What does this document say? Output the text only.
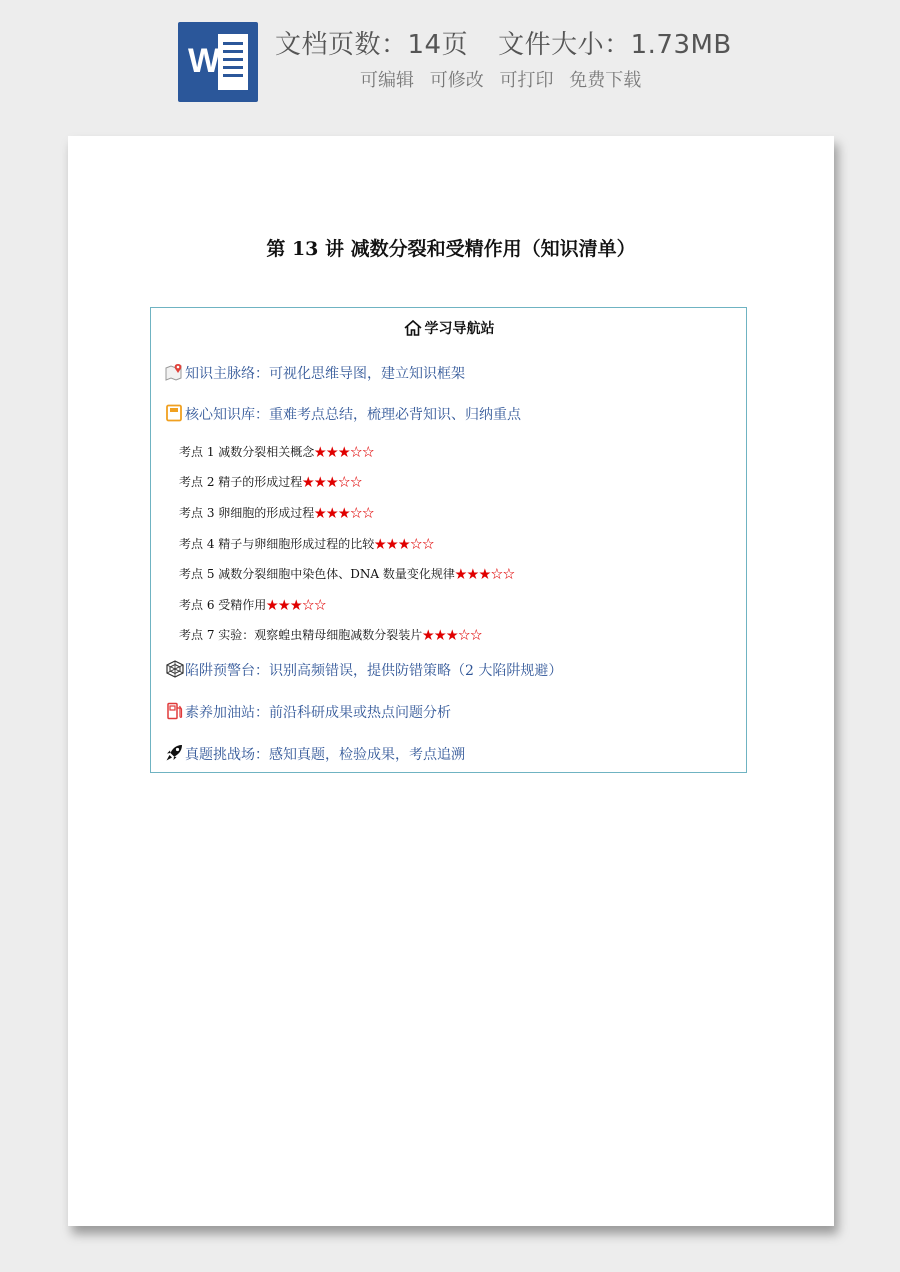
W 文档页数：14页 文件大小：1.73MB
可编辑 可修改 可打印 免费下载
第 13 讲 减数分裂和受精作用（知识清单）
学习导航站
知识主脉络：可视化思维导图，建立知识框架
核心知识库：重难考点总结，梳理必背知识、归纳重点
考点 1 减数分裂相关概念★★★☆☆
考点 2 精子的形成过程★★★☆☆
考点 3 卵细胞的形成过程★★★☆☆
考点 4 精子与卵细胞形成过程的比较★★★☆☆
考点 5 减数分裂细胞中染色体、DNA 数量变化规律★★★☆☆
考点 6 受精作用★★★☆☆
考点 7 实验：观察蝗虫精母细胞减数分裂装片★★★☆☆
陷阱预警台：识别高频错误，提供防错策略（2 大陷阱规避）
素养加油站：前沿科研成果或热点问题分析
真题挑战场：感知真题，检验成果，考点追溯
